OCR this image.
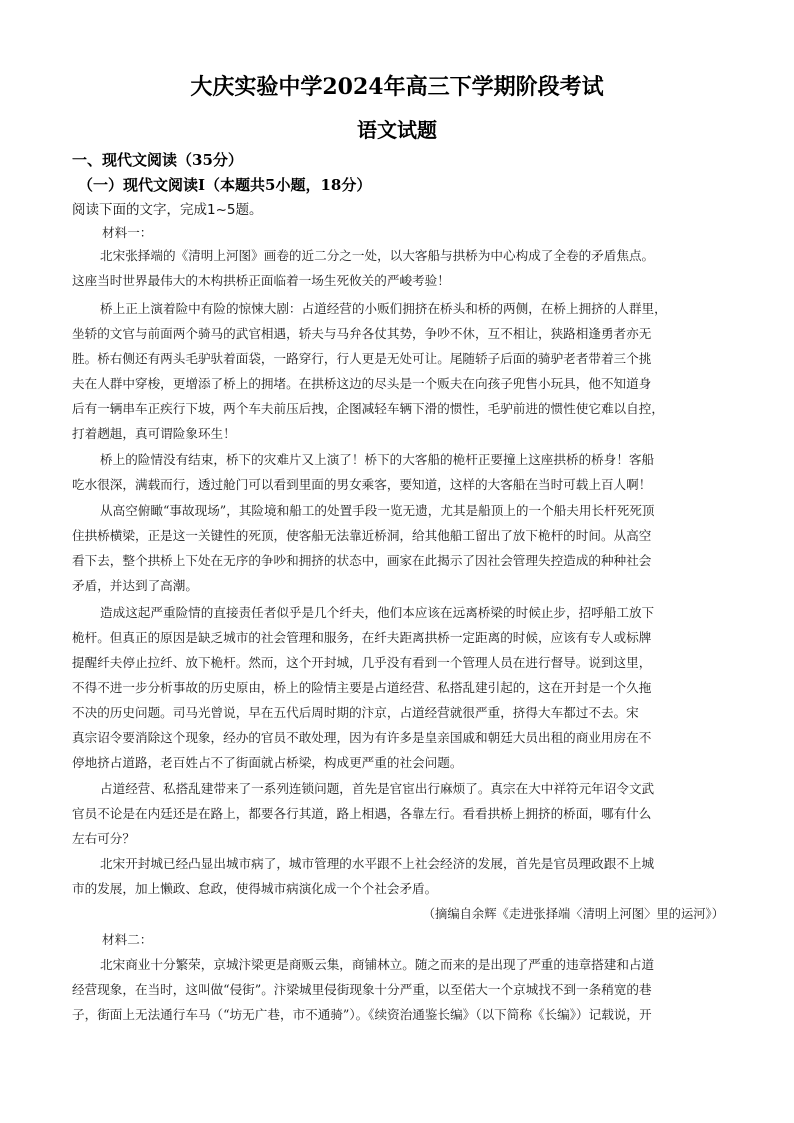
大庆实验中学2024年高三下学期阶段考试
语文试题
一、现代文阅读（35分）
（一）现代文阅读Ⅰ（本题共5小题，18分）
阅读下面的文字，完成1~5题。
材料一：
北宋张择端的《清明上河图》画卷的近二分之一处，以大客船与拱桥为中心构成了全卷的矛盾焦点。
这座当时世界最伟大的木构拱桥正面临着一场生死攸关的严峻考验！
桥上正上演着险中有险的惊悚大剧：占道经营的小贩们拥挤在桥头和桥的两侧，在桥上拥挤的人群里，
坐轿的文官与前面两个骑马的武官相遇，轿夫与马弁各仗其势，争吵不休，互不相让，狭路相逢勇者亦无
胜。桥右侧还有两头毛驴驮着面袋，一路穿行，行人更是无处可让。尾随轿子后面的骑驴老者带着三个挑
夫在人群中穿梭，更增添了桥上的拥堵。在拱桥这边的尽头是一个贩夫在向孩子兜售小玩具，他不知道身
后有一辆串车正疾行下坡，两个车夫前压后拽，企图减轻车辆下滑的惯性，毛驴前进的惯性使它难以自控，
打着趔趄，真可谓险象环生！
桥上的险情没有结束，桥下的灾难片又上演了！桥下的大客船的桅杆正要撞上这座拱桥的桥身！客船
吃水很深，满载而行，透过舱门可以看到里面的男女乘客，要知道，这样的大客船在当时可载上百人啊！
从高空俯瞰“事故现场”，其险境和船工的处置手段一览无遗，尤其是船顶上的一个船夫用长杆死死顶
住拱桥横梁，正是这一关键性的死顶，使客船无法靠近桥洞，给其他船工留出了放下桅杆的时间。从高空
看下去，整个拱桥上下处在无序的争吵和拥挤的状态中，画家在此揭示了因社会管理失控造成的种种社会
矛盾，并达到了高潮。
造成这起严重险情的直接责任者似乎是几个纤夫，他们本应该在远离桥梁的时候止步，招呼船工放下
桅杆。但真正的原因是缺乏城市的社会管理和服务，在纤夫距离拱桥一定距离的时候，应该有专人或标牌
提醒纤夫停止拉纤、放下桅杆。然而，这个开封城，几乎没有看到一个管理人员在进行督导。说到这里，
不得不进一步分析事故的历史原由，桥上的险情主要是占道经营、私搭乱建引起的，这在开封是一个久拖
不决的历史问题。司马光曾说，早在五代后周时期的汴京，占道经营就很严重，挤得大车都过不去。宋
真宗诏令要消除这个现象，经办的官员不敢处理，因为有许多是皇亲国戚和朝廷大员出租的商业用房在不
停地挤占道路，老百姓占不了街面就占桥梁，构成更严重的社会问题。
占道经营、私搭乱建带来了一系列连锁问题，首先是官宦出行麻烦了。真宗在大中祥符元年诏令文武
官员不论是在内廷还是在路上，都要各行其道，路上相遇，各靠左行。看看拱桥上拥挤的桥面，哪有什么
左右可分？
北宋开封城已经凸显出城市病了，城市管理的水平跟不上社会经济的发展，首先是官员理政跟不上城
市的发展，加上懒政、怠政，使得城市病演化成一个个社会矛盾。
（摘编自余辉《走进张择端〈清明上河图〉里的运河》）
材料二：
北宋商业十分繁荣，京城汴梁更是商贩云集，商铺林立。随之而来的是出现了严重的违章搭建和占道
经营现象，在当时，这叫做“侵街”。汴梁城里侵街现象十分严重，以至偌大一个京城找不到一条稍宽的巷
子，街面上无法通行车马（“坊无广巷，市不通骑”）。《续资治通鉴长编》（以下简称《长编》）记载说，开
